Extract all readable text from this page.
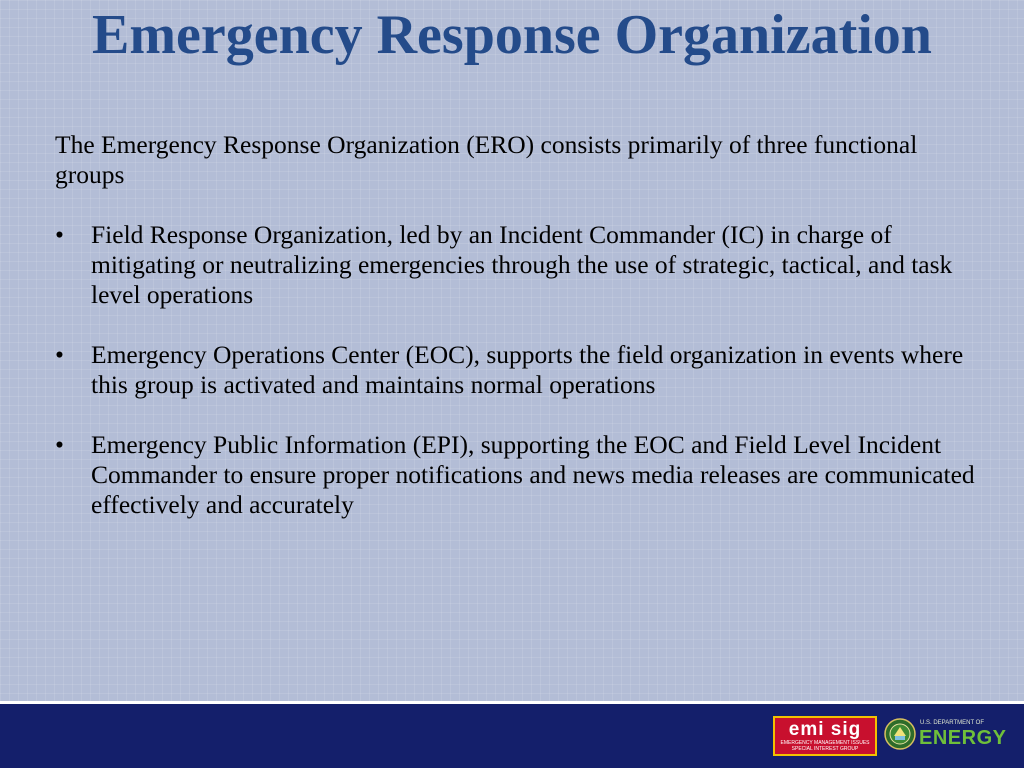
Emergency Response Organization

The Emergency Response Organization (ERO) consists primarily of three functional groups

• Field Response Organization, led by an Incident Commander (IC) in charge of mitigating or neutralizing emergencies through the use of strategic, tactical, and task level operations
• Emergency Operations Center (EOC), supports the field organization in events where this group is activated and maintains normal operations
• Emergency Public Information (EPI), supporting the EOC and Field Level Incident Commander to ensure proper notifications and news media releases are communicated effectively and accurately
emi sig
EMERGENCY MANAGEMENT ISSUES SPECIAL INTEREST GROUP
U.S. DEPARTMENT OF
ENERGY
